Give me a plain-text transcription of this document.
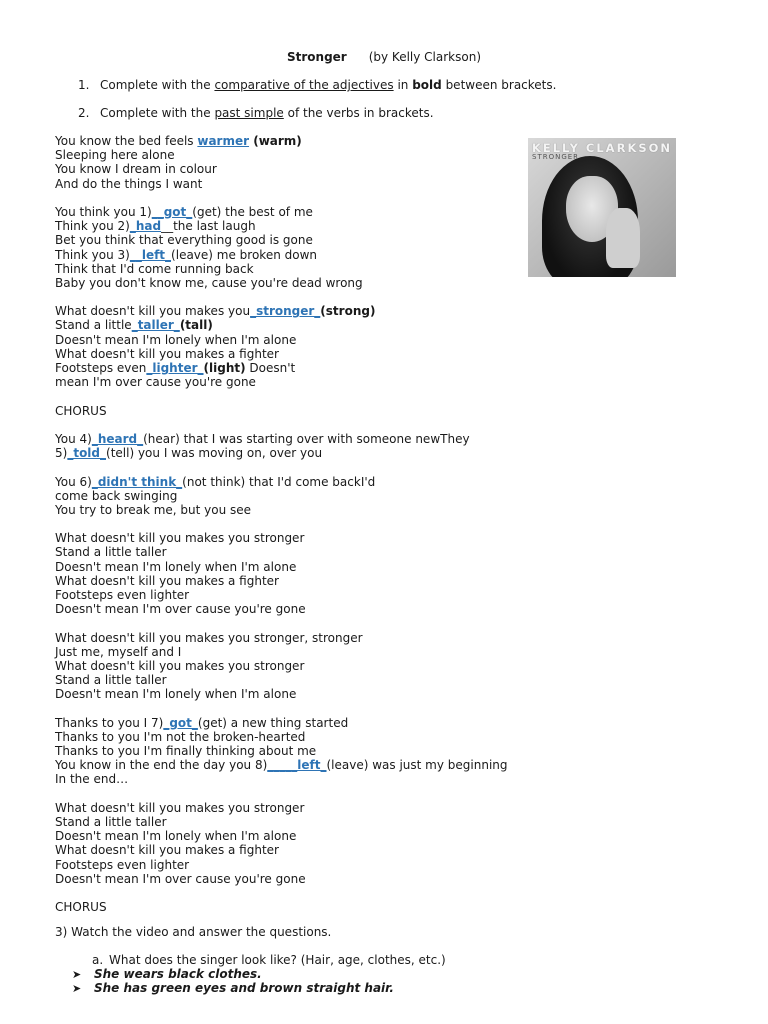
Stronger (by Kelly Clarkson)
1. Complete with the comparative of the adjectives in bold between brackets.
2. Complete with the past simple of the verbs in brackets.
KELLY CLARKSON
STRONGER
You know the bed feels warmer (warm)
Sleeping here alone
You know I dream in colour
And do the things I want
You think you 1)__got_(get) the best of me
Think you 2)_had__the last laugh
Bet you think that everything good is gone
Think you 3)__left_(leave) me broken down
Think that I'd come running back
Baby you don't know me, cause you're dead wrong
What doesn't kill you makes you_stronger_(strong)
Stand a little_taller_(tall)
Doesn't mean I'm lonely when I'm alone
What doesn't kill you makes a fighter
Footsteps even_lighter_(light) Doesn't
mean I'm over cause you're gone
CHORUS
You 4)_heard_(hear) that I was starting over with someone newThey
5)_told_(tell) you I was moving on, over you
You 6)_didn't think_(not think) that I'd come backI'd
come back swinging
You try to break me, but you see
What doesn't kill you makes you stronger
Stand a little taller
Doesn't mean I'm lonely when I'm alone
What doesn't kill you makes a fighter
Footsteps even lighter
Doesn't mean I'm over cause you're gone
What doesn't kill you makes you stronger, stronger
Just me, myself and I
What doesn't kill you makes you stronger
Stand a little taller
Doesn't mean I'm lonely when I'm alone
Thanks to you I 7)_got_(get) a new thing started
Thanks to you I'm not the broken-hearted
Thanks to you I'm finally thinking about me
You know in the end the day you 8)_____left_(leave) was just my beginning
In the end…
What doesn't kill you makes you stronger
Stand a little taller
Doesn't mean I'm lonely when I'm alone
What doesn't kill you makes a fighter
Footsteps even lighter
Doesn't mean I'm over cause you're gone
CHORUS
3) Watch the video and answer the questions.
a. What does the singer look like? (Hair, age, clothes, etc.)
➤ She wears black clothes.
➤ She has green eyes and brown straight hair.
